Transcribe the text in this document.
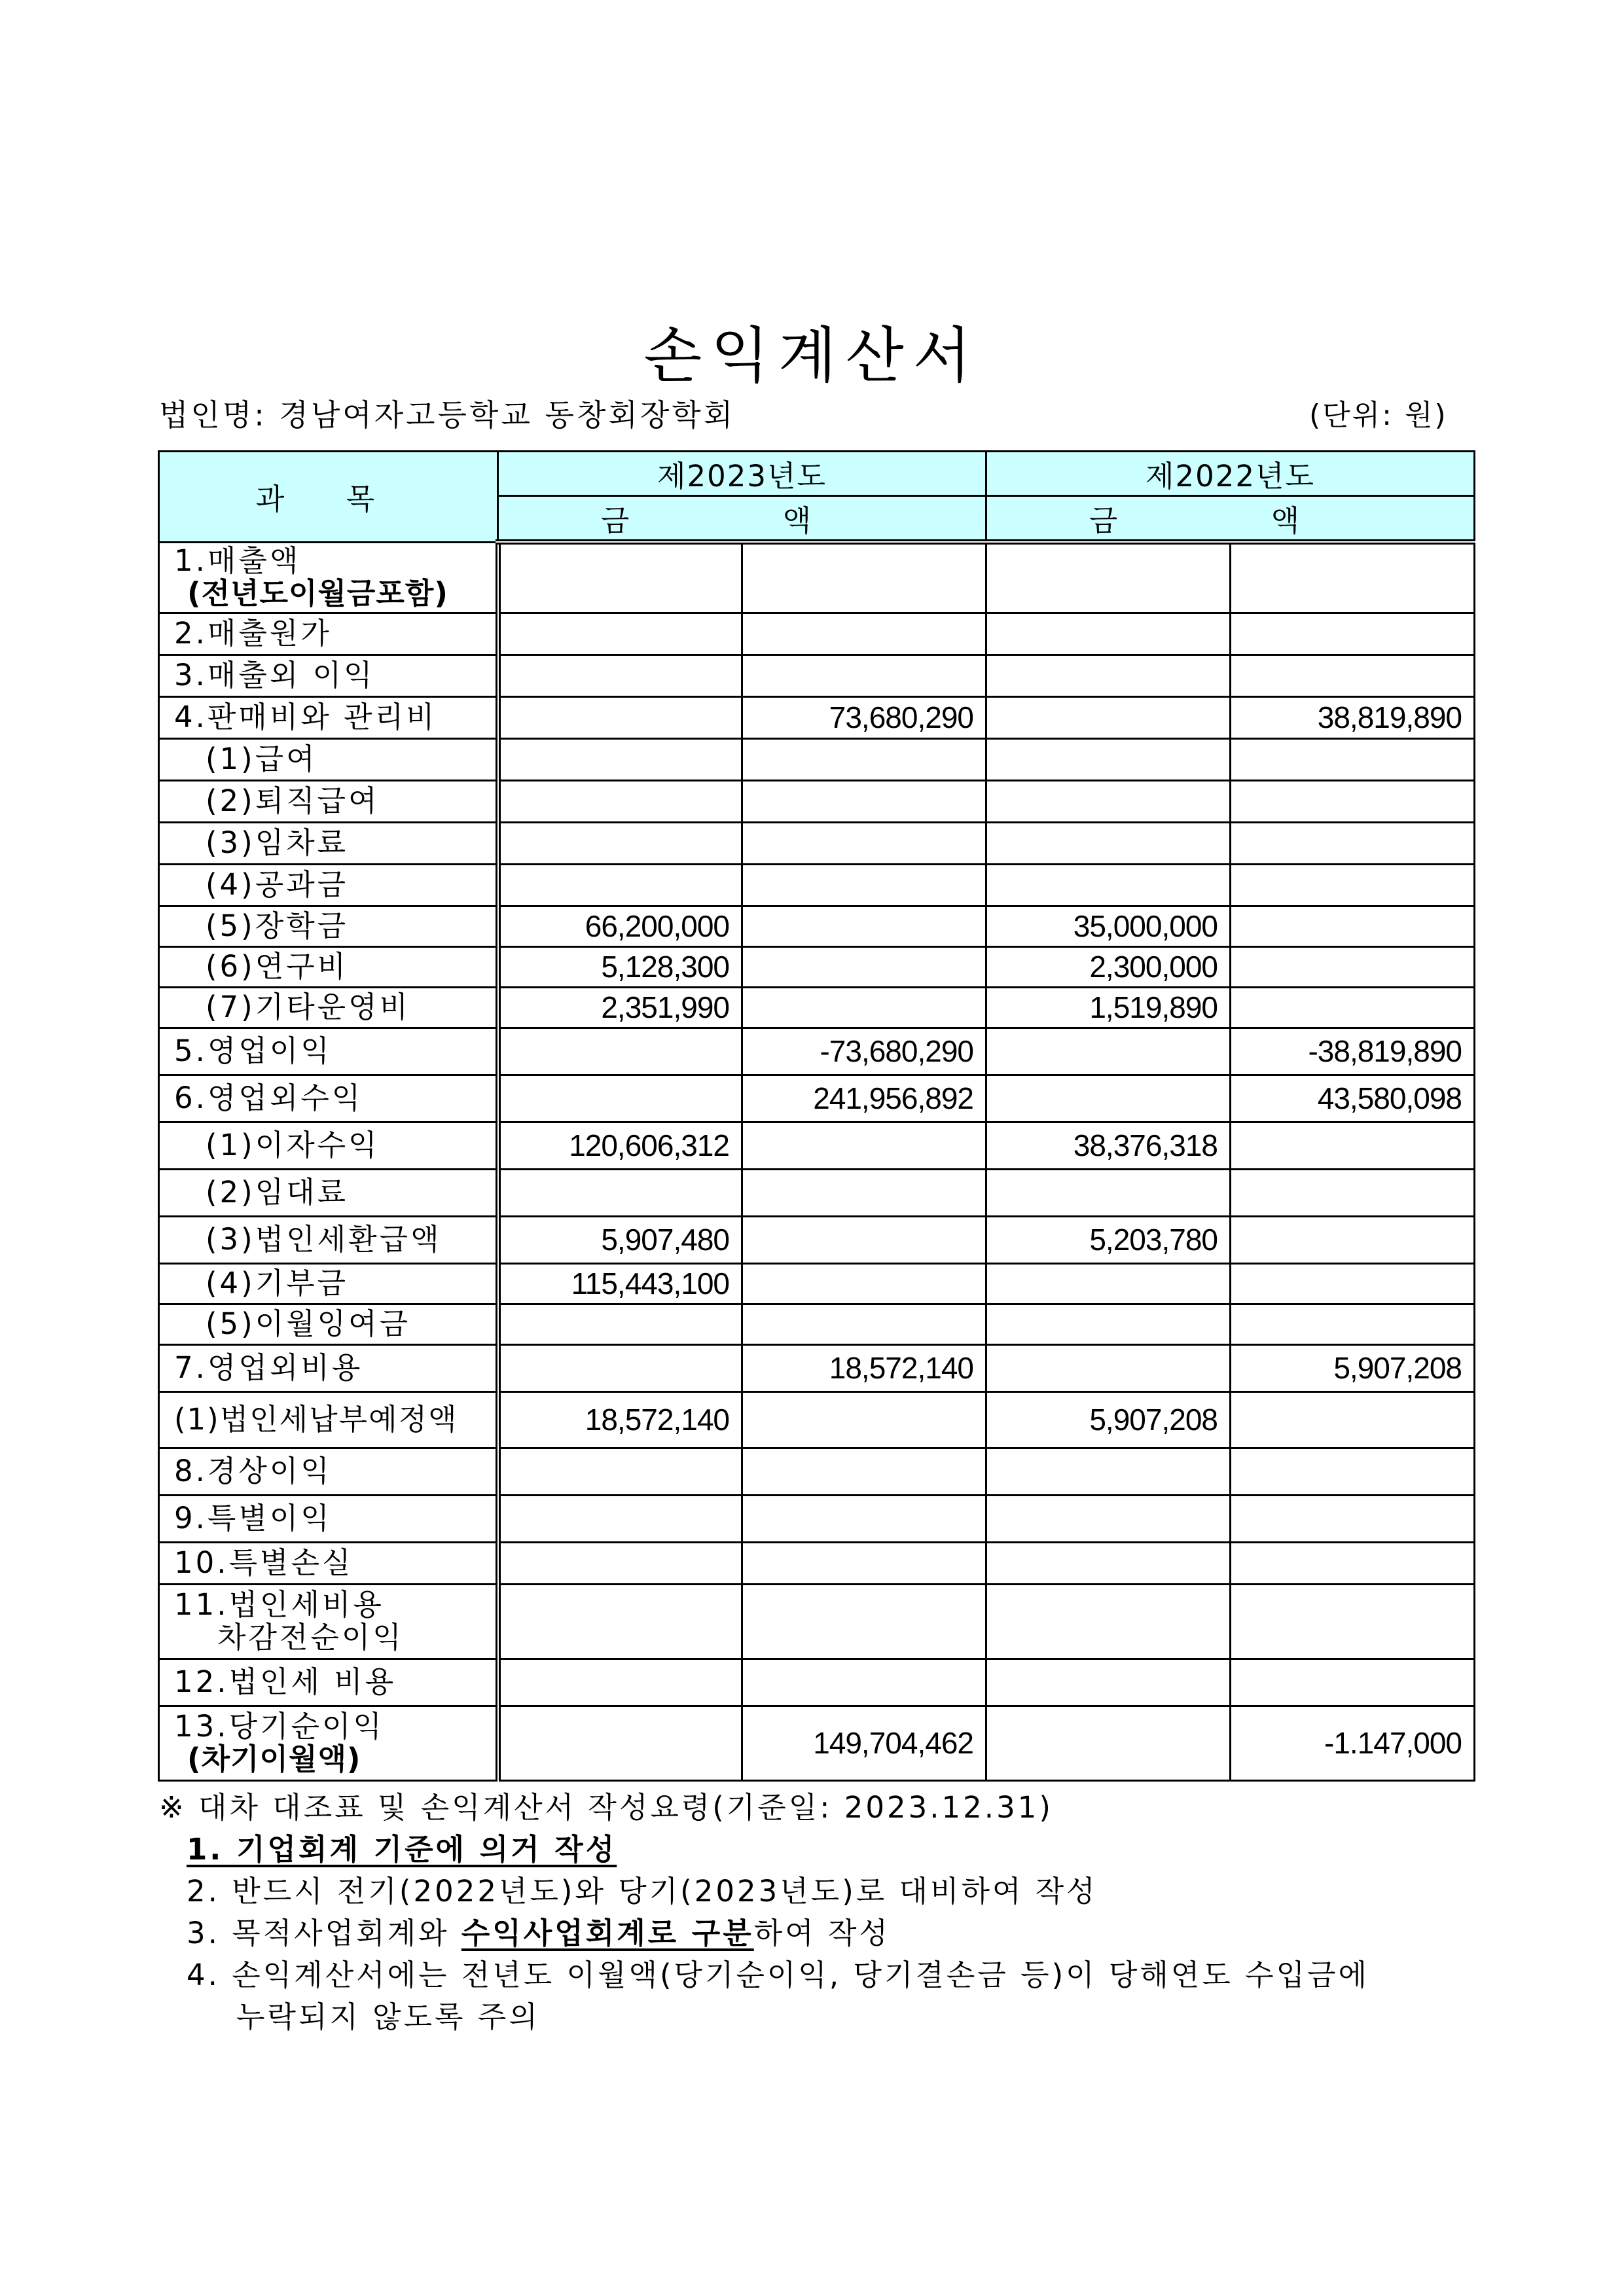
손익계산서
법인명: 경남여자고등학교 동창회장학회	(단위: 원)
과 목	제2023년도		제2022년도	
	금 액		금 액	

1.매출액
(전년도이월금포함)				

2.매출원가				

3.매출외 이익				

4.판매비와 관리비		73,680,290		38,819,890

(1)급여				

(2)퇴직급여				

(3)임차료				

(4)공과금				

(5)장학금	66,200,000		35,000,000	

(6)연구비	5,128,300		2,300,000	

(7)기타운영비	2,351,990		1,519,890	

5.영업이익		-73,680,290		-38,819,890

6.영업외수익		241,956,892		43,580,098

(1)이자수익	120,606,312		38,376,318	

(2)임대료				

(3)법인세환급액	5,907,480		5,203,780	

(4)기부금	115,443,100			

(5)이월잉여금				

7.영업외비용		18,572,140		5,907,208

(1)법인세납부예정액	18,572,140		5,907,208	

8.경상이익				

9.특별이익				

10.특별손실				

11.법인세비용
차감전순이익				

12.법인세 비용				

13.당기순이익
(차기이월액)		149,704,462		-1.147,000
※ 대차 대조표 및 손익계산서 작성요령(기준일: 2023.12.31)
1. 기업회계 기준에 의거 작성
2. 반드시 전기(2022년도)와 당기(2023년도)로 대비하여 작성
3. 목적사업회계와 수익사업회계로 구분하여 작성
4. 손익계산서에는 전년도 이월액(당기순이익, 당기결손금 등)이 당해연도 수입금에
누락되지 않도록 주의
